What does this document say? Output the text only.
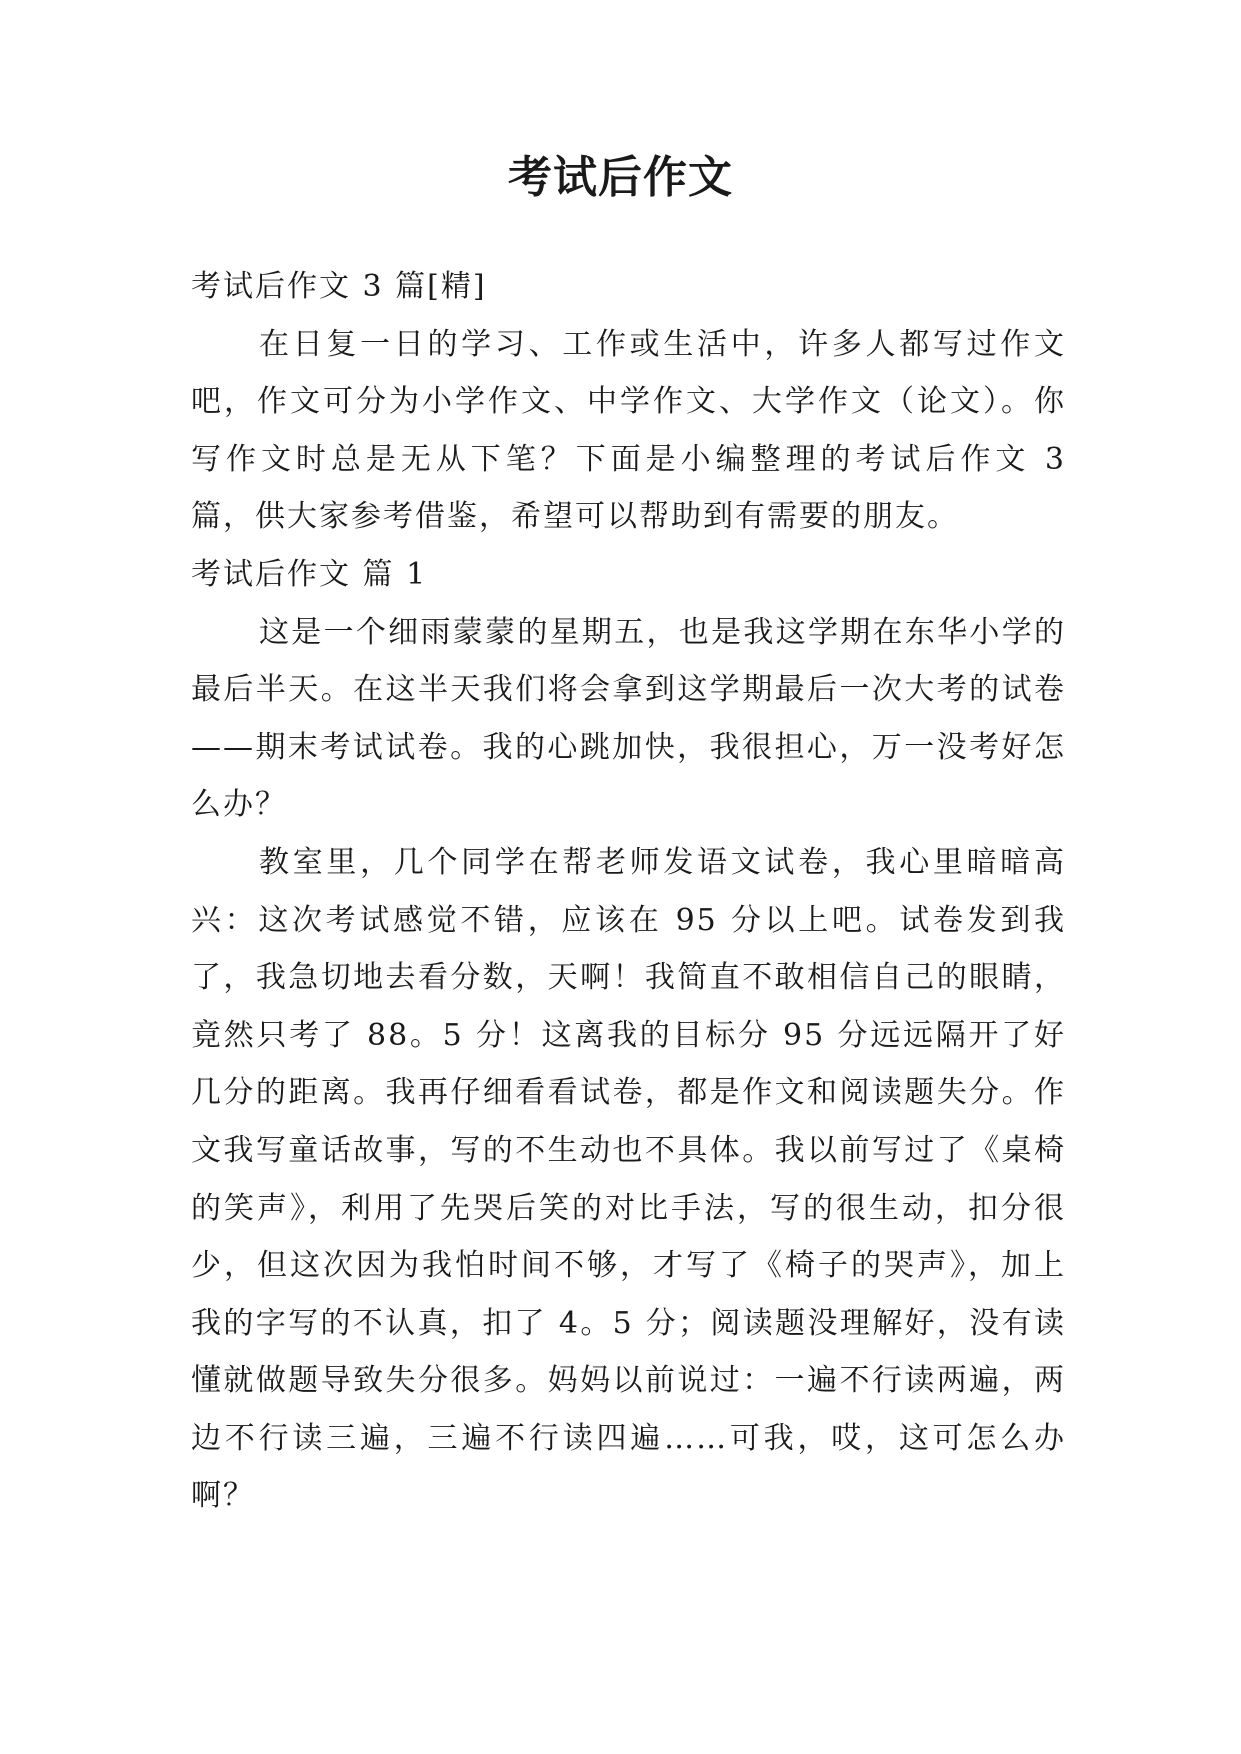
考试后作文

考试后作文 3 篇[精]

在日复一日的学习、工作或生活中，许多人都写过作文吧，作文可分为小学作文、中学作文、大学作文（论文）。你写作文时总是无从下笔？下面是小编整理的考试后作文 3 篇，供大家参考借鉴，希望可以帮助到有需要的朋友。

考试后作文 篇 1

这是一个细雨蒙蒙的星期五，也是我这学期在东华小学的最后半天。在这半天我们将会拿到这学期最后一次大考的试卷——期末考试试卷。我的心跳加快，我很担心，万一没考好怎么办？

教室里，几个同学在帮老师发语文试卷，我心里暗暗高兴：这次考试感觉不错，应该在 95 分以上吧。试卷发到我了，我急切地去看分数，天啊！我简直不敢相信自己的眼睛，竟然只考了 88。5 分！这离我的目标分 95 分远远隔开了好几分的距离。我再仔细看看试卷，都是作文和阅读题失分。作文我写童话故事，写的不生动也不具体。我以前写过了《桌椅的笑声》，利用了先哭后笑的对比手法，写的很生动，扣分很少，但这次因为我怕时间不够，才写了《椅子的哭声》，加上我的字写的不认真，扣了 4。5 分；阅读题没理解好，没有读懂就做题导致失分很多。妈妈以前说过：一遍不行读两遍，两边不行读三遍，三遍不行读四遍……可我，哎，这可怎么办啊？
